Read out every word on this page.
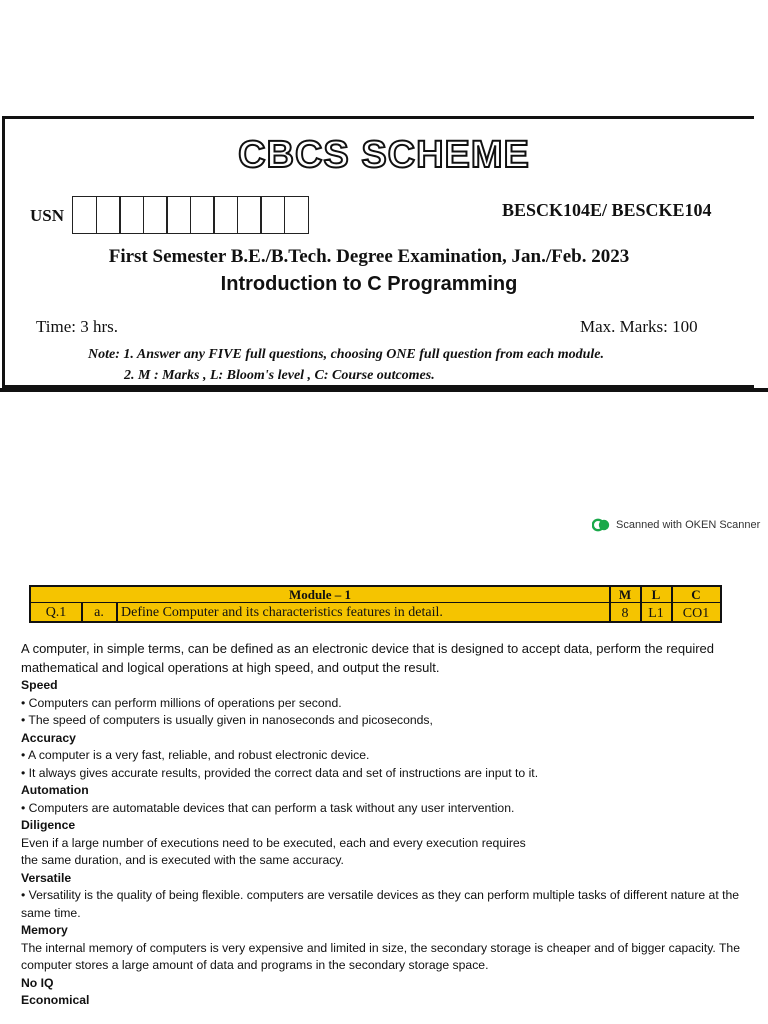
CBCS SCHEME
USN	BESCK104E/ BESCKE104
First Semester B.E./B.Tech. Degree Examination, Jan./Feb. 2023
Introduction to C Programming
Time: 3 hrs.	Max. Marks: 100
Note: 1. Answer any FIVE full questions, choosing ONE full question from each module.
2. M : Marks , L: Bloom's level , C: Course outcomes.
Scanned with OKEN Scanner
Module – 1	M	L	C
Q.1	a.	Define Computer and its characteristics features in detail.	8	L1	CO1

A computer, in simple terms, can be defined as an electronic device that is designed to accept data, perform the required mathematical and logical operations at high speed, and output the result.

Speed

• Computers can perform millions of operations per second.

• The speed of computers is usually given in nanoseconds and picoseconds,

Accuracy

• A computer is a very fast, reliable, and robust electronic device.

• It always gives accurate results, provided the correct data and set of instructions are input to it.

Automation

• Computers are automatable devices that can perform a task without any user intervention.

Diligence

Even if a large number of executions need to be executed, each and every execution requires

the same duration, and is executed with the same accuracy.

Versatile

• Versatility is the quality of being flexible. computers are versatile devices as they can perform multiple tasks of different nature at the same time.

Memory

The internal memory of computers is very expensive and limited in size, the secondary storage is cheaper and of bigger capacity. The computer stores a large amount of data and programs in the secondary storage space.

No IQ

Economical
